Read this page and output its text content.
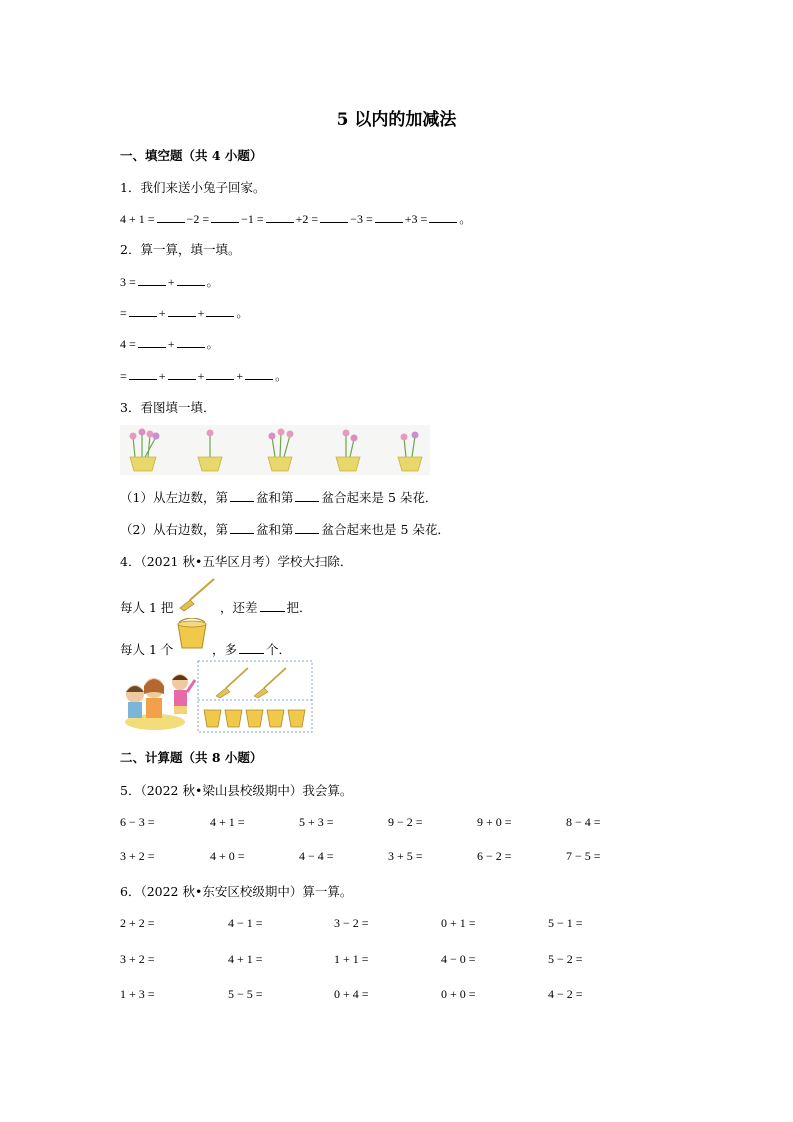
5 以内的加减法
一、填空题（共 4 小题）
1．我们来送小兔子回家。
4 + 1 =	−2 =	−1 =	+2 =	−3 =	+3 =	。
2．算一算，填一填。
3 =	+	。
=	+	+	。
4 =	+	。
=	+	+	+	。
3．看图填一填．
（1）从左边数，第 盆和第 盆合起来是 5 朵花．
（2）从右边数，第 盆和第 盆合起来也是 5 朵花．
4．（2021 秋•五华区月考）学校大扫除．
每人 1 把	，还差 把．
每人 1 个	，多 个．
二、计算题（共 8 小题）
5．（2022 秋•梁山县校级期中）我会算。
6 − 3 =	4 + 1 =	5 + 3 =	9 − 2 =	9 + 0 =	8 − 4 =
3 + 2 =	4 + 0 =	4 − 4 =	3 + 5 =	6 − 2 =	7 − 5 =
6．（2022 秋•东安区校级期中）算一算。
2 + 2 =	4 − 1 =	3 − 2 =	0 + 1 =	5 − 1 =
3 + 2 =	4 + 1 =	1 + 1 =	4 − 0 =	5 − 2 =
1 + 3 =	5 − 5 =	0 + 4 =	0 + 0 =	4 − 2 =
